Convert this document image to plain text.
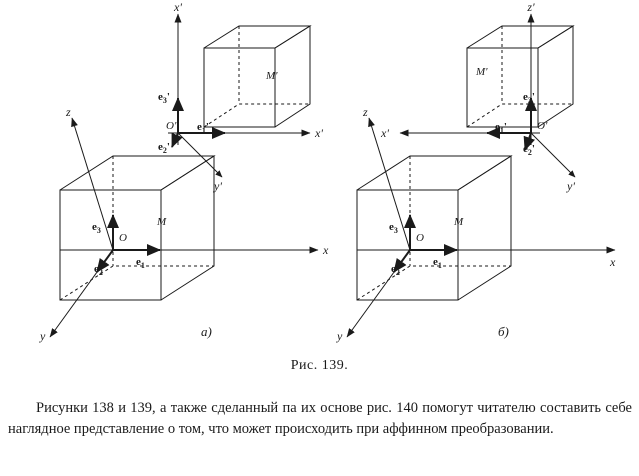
x'
x'
y'
O'
M'
$e_3'$
$e_1'$
$e_2'$
z
x
y
O
M
$e_3$
$e_1$
$e_2$
а)
z'
x'
y'
O'
M'
$e_3'$
$e_1'$
$e_2'$
z
x
y
O
M
$e_3$
$e_1$
$e_2$
б)
Рис. 139.

Рисунки 138 и 139, а также сделанный па их основе рис. 140 помогут читателю составить себе наглядное представление о том, что может происходить при аффинном преобразовании.
